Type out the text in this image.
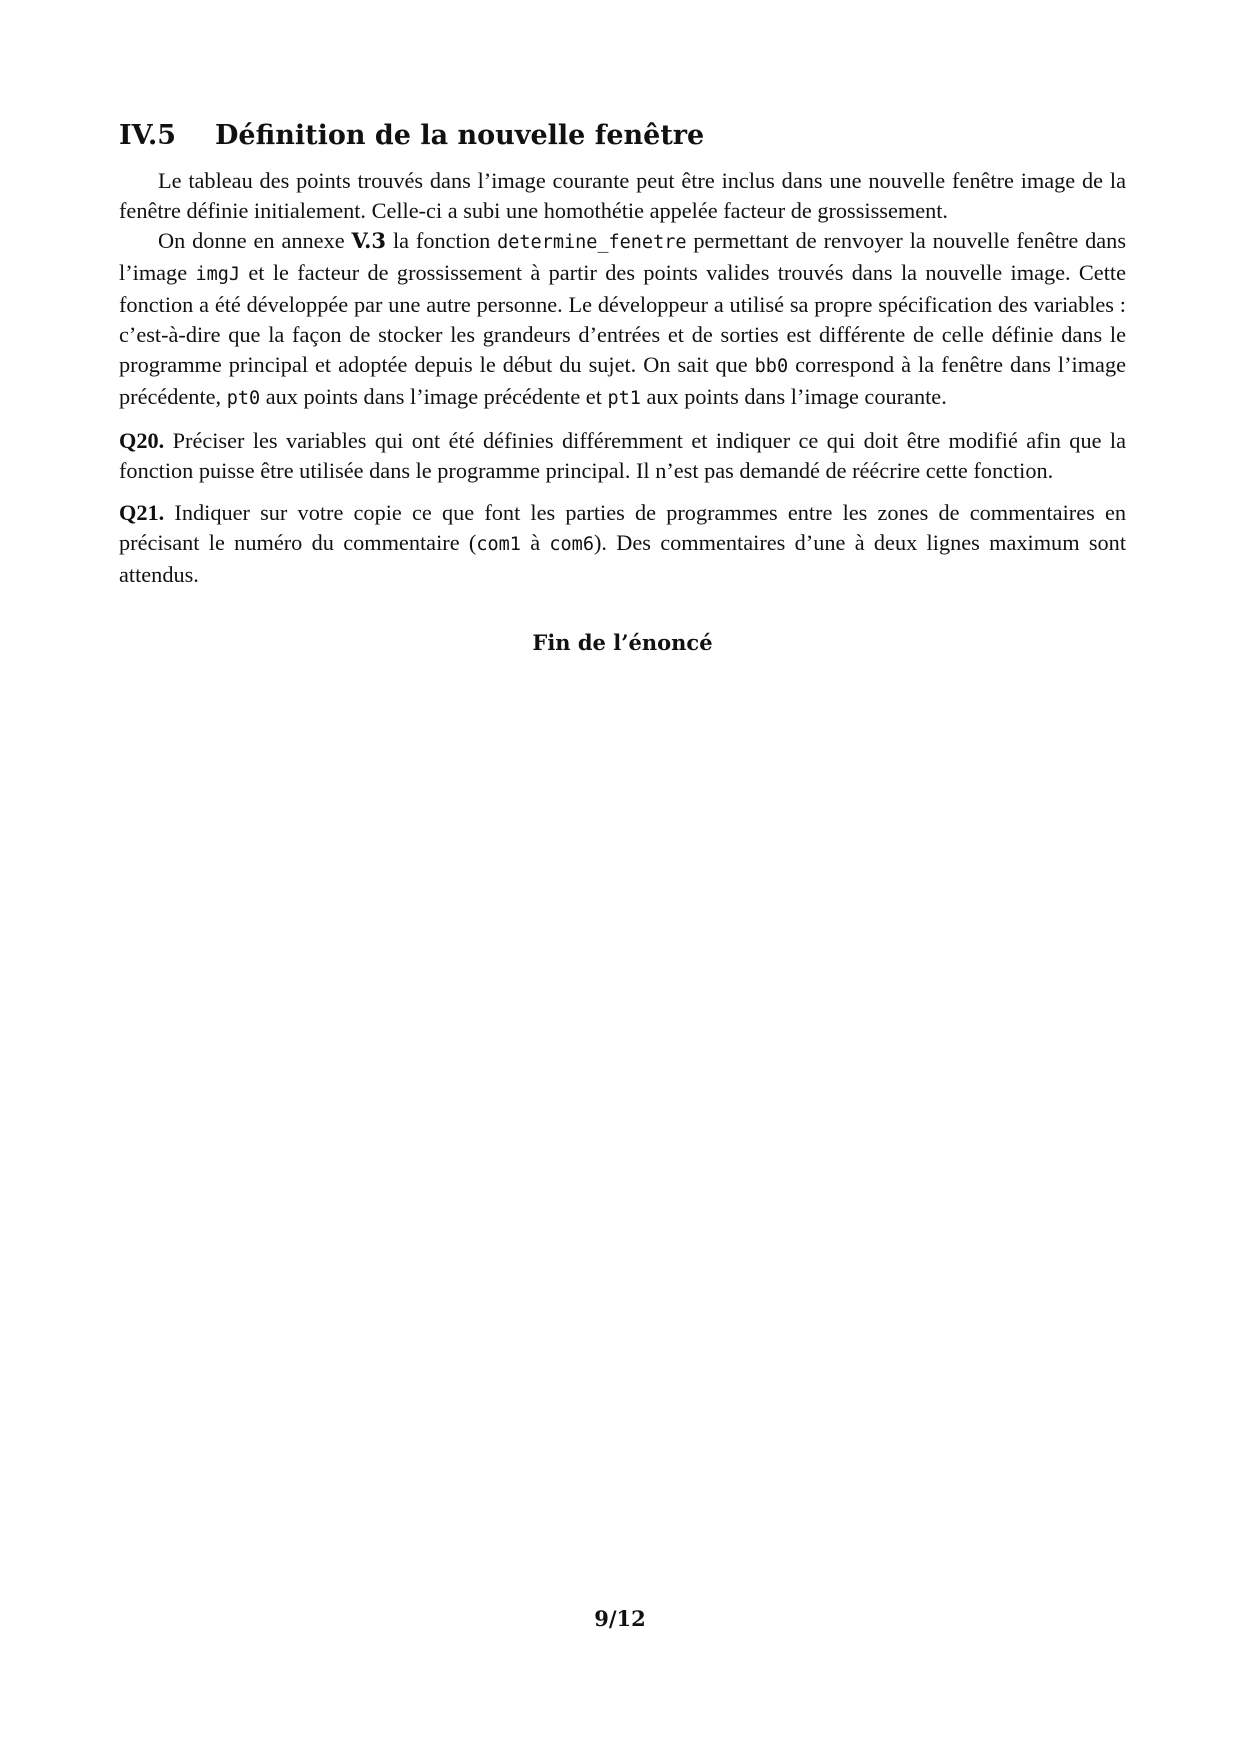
IV.5 Définition de la nouvelle fenêtre

Le tableau des points trouvés dans l’image courante peut être inclus dans une nouvelle fenêtre image de la fenêtre définie initialement. Celle-ci a subi une homothétie appelée facteur de grossissement.

On donne en annexe V.3 la fonction determine_fenetre permettant de renvoyer la nouvelle fenêtre dans l’image imgJ et le facteur de grossissement à partir des points valides trouvés dans la nouvelle image. Cette fonction a été développée par une autre personne. Le développeur a utilisé sa propre spécification des variables : c’est-à-dire que la façon de stocker les grandeurs d’entrées et de sorties est différente de celle définie dans le programme principal et adoptée depuis le début du sujet. On sait que bb0 correspond à la fenêtre dans l’image précédente, pt0 aux points dans l’image précédente et pt1 aux points dans l’image courante.

Q20. Préciser les variables qui ont été définies différemment et indiquer ce qui doit être modifié afin que la fonction puisse être utilisée dans le programme principal. Il n’est pas demandé de réécrire cette fonction.

Q21. Indiquer sur votre copie ce que font les parties de programmes entre les zones de commentaires en précisant le numéro du commentaire (com1 à com6). Des commentaires d’une à deux lignes maximum sont attendus.

Fin de l’énoncé
9/12
